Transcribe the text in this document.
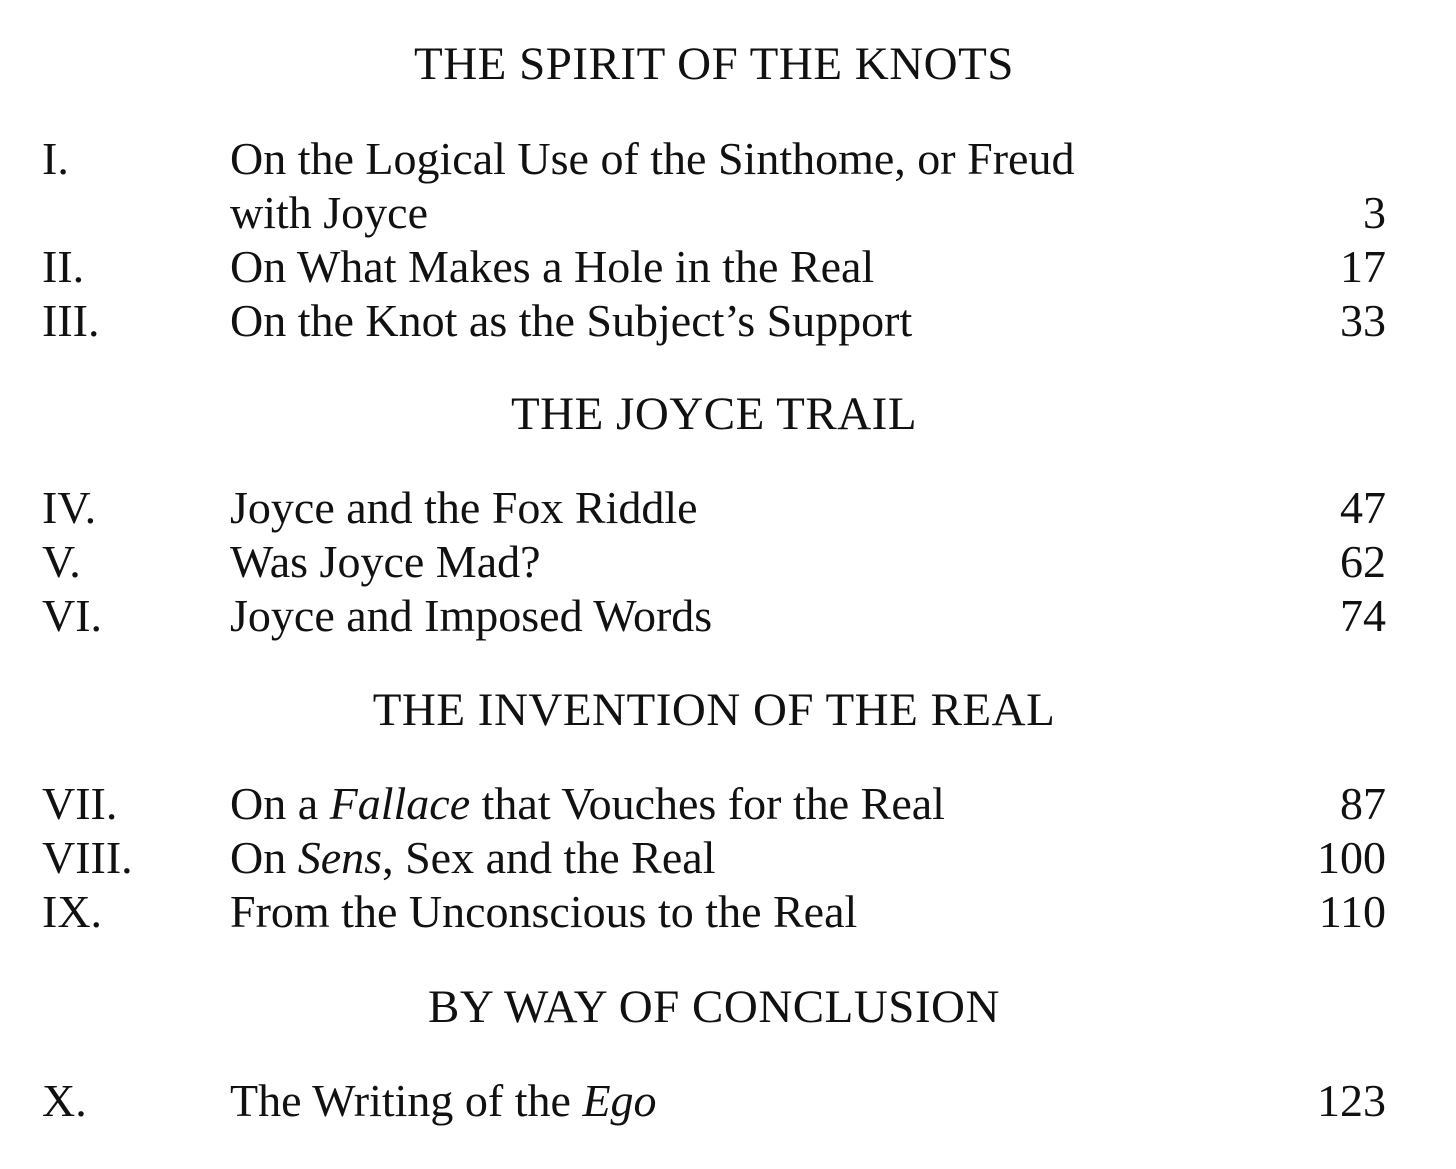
THE SPIRIT OF THE KNOTS
I.	On the Logical Use of the Sinthome, or Freud
with Joyce	3
II.	On What Makes a Hole in the Real	17
III.	On the Knot as the Subject’s Support	33
THE JOYCE TRAIL
IV.	Joyce and the Fox Riddle	47
V.	Was Joyce Mad?	62
VI.	Joyce and Imposed Words	74
THE INVENTION OF THE REAL
VII. On a Fallace that Vouches for the Real	87
VIII. On Sens, Sex and the Real	100
IX.	From the Unconscious to the Real	110
BY WAY OF CONCLUSION
X.	The Writing of the Ego	123
